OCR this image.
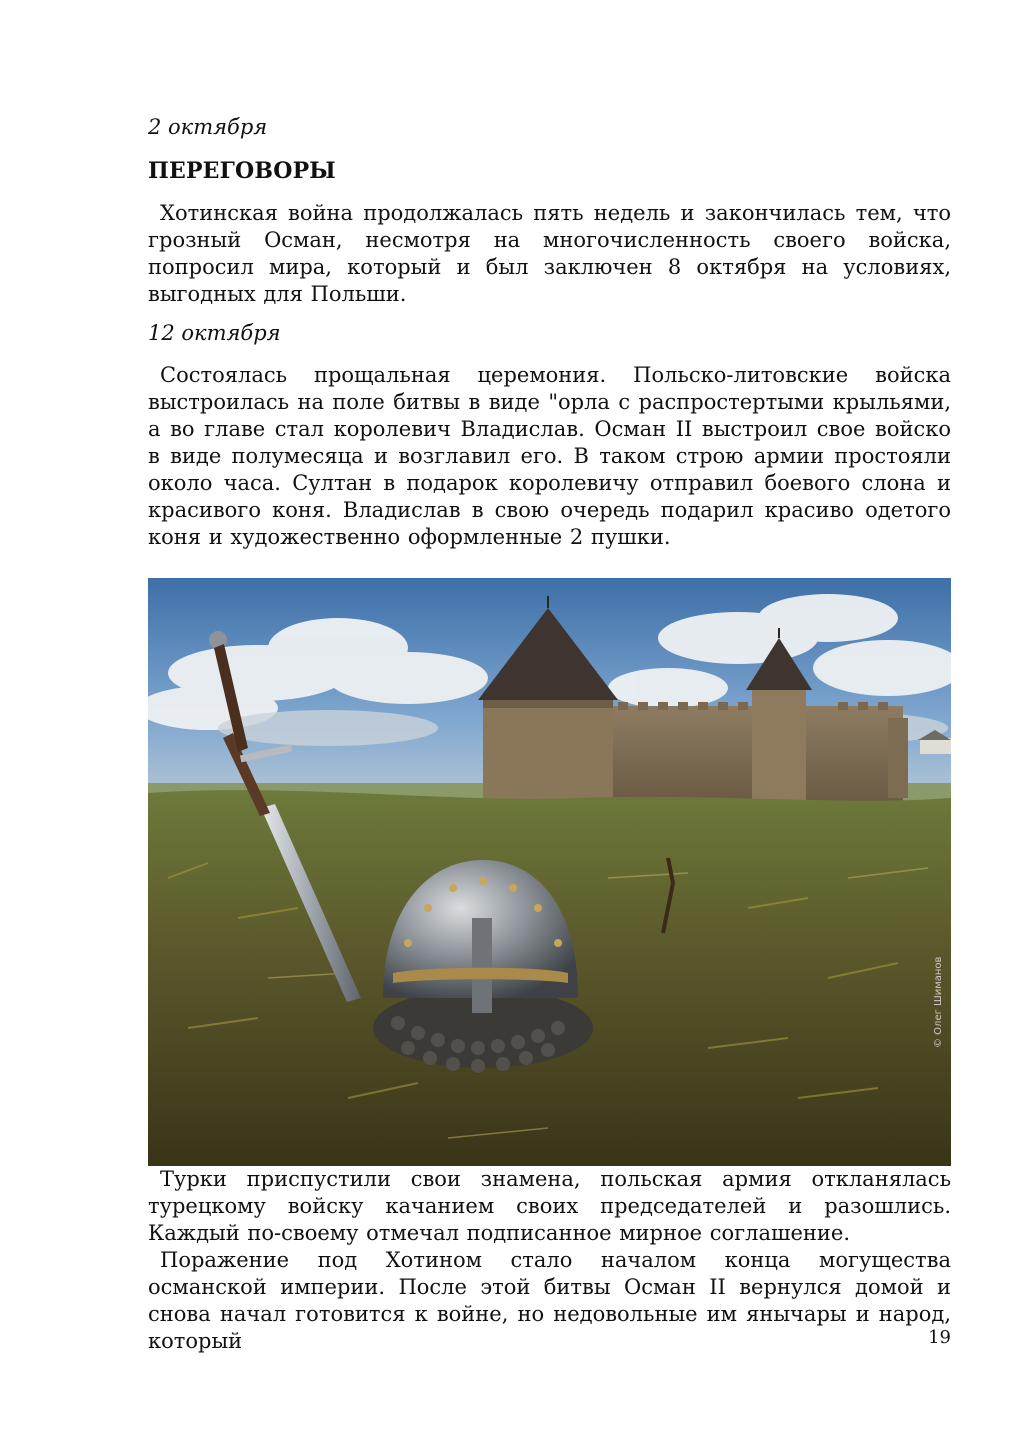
2 октября
ПЕРЕГОВОРЫ

Хотинская война продолжалась пять недель и закончилась тем, что грозный Осман, несмотря на многочисленность своего войска, попросил мира, который и был заключен 8 октября на условиях, выгодных для Польши.

12 октября

Состоялась прощальная церемония. Польско-литовские войска выстроилась на поле битвы в виде "орла с распростертыми крыльями, а во главе стал королевич Владислав. Осман II выстроил свое войско в виде полумесяца и возглавил его. В таком строю армии простояли около часа. Султан в подарок королевичу отправил боевого слона и красивого коня. Владислав в свою очередь подарил красиво одетого коня и художественно оформленные 2 пушки.

© Олег Шиманов

Турки приспустили свои знамена, польская армия откланялась турецкому войску качанием своих председателей и разошлись. Каждый по-своему отмечал подписанное мирное соглашение.

Поражение под Хотином стало началом конца могущества османской империи. После этой битвы Осман II вернулся домой и снова начал готовится к войне, но недовольные им янычары и народ, который	19
